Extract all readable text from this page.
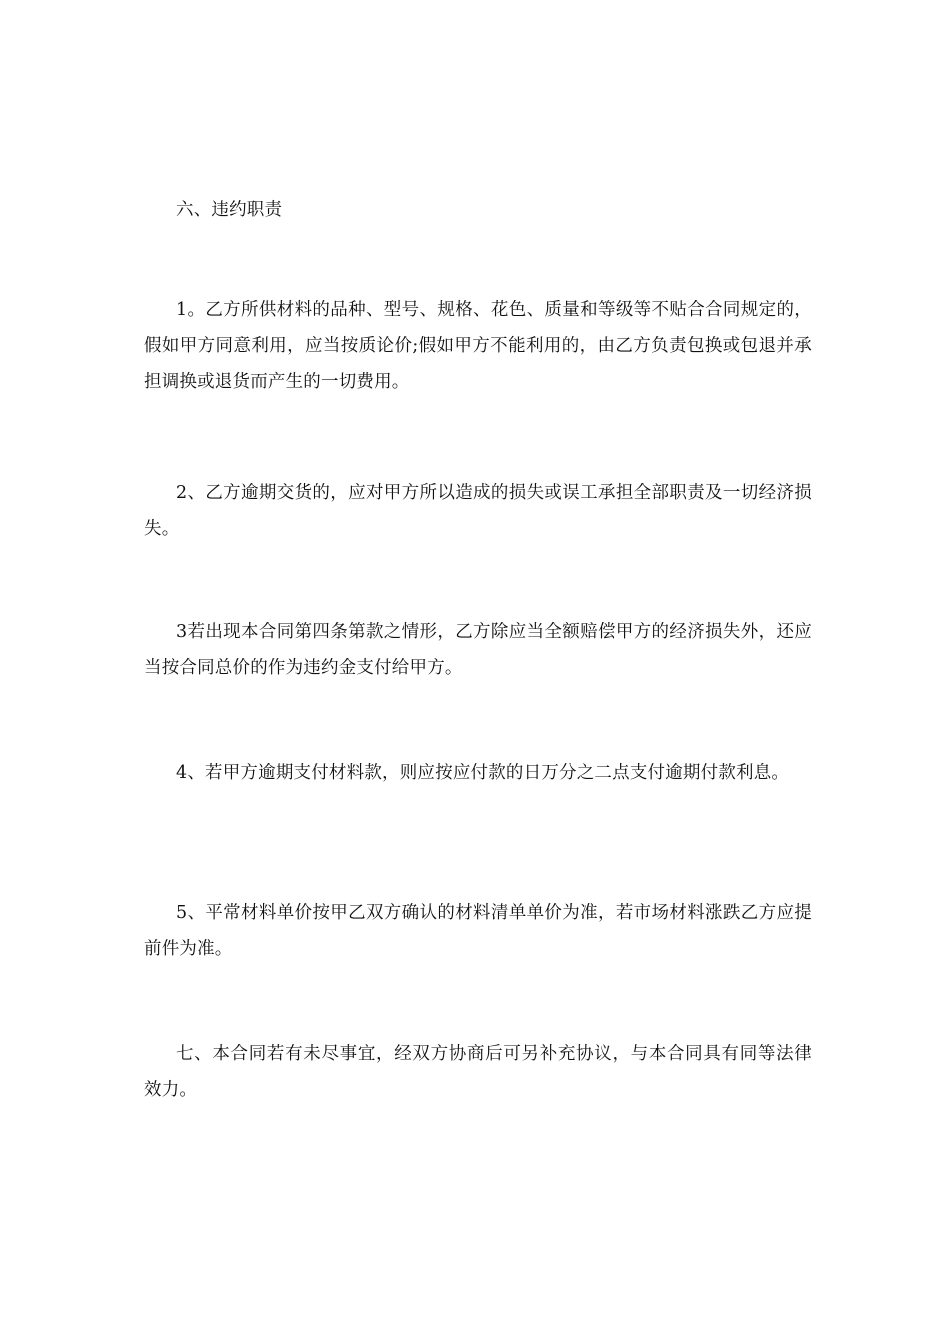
六、违约职责

1。乙方所供材料的品种、型号、规格、花色、质量和等级等不贴合合同规定的，假如甲方同意利用，应当按质论价;假如甲方不能利用的，由乙方负责包换或包退并承担调换或退货而产生的一切费用。

2、乙方逾期交货的，应对甲方所以造成的损失或误工承担全部职责及一切经济损失。

3若出现本合同第四条第款之情形，乙方除应当全额赔偿甲方的经济损失外，还应当按合同总价的作为违约金支付给甲方。

4、若甲方逾期支付材料款，则应按应付款的日万分之二点支付逾期付款利息。

5、平常材料单价按甲乙双方确认的材料清单单价为准，若市场材料涨跌乙方应提前件为准。

七、本合同若有未尽事宜，经双方协商后可另补充协议，与本合同具有同等法律效力。
